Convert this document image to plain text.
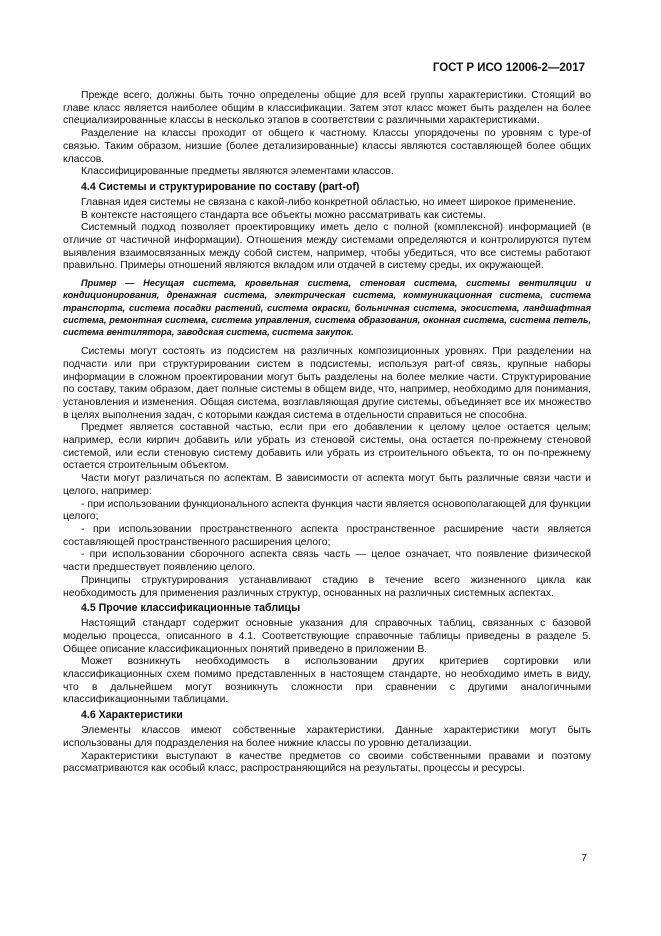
ГОСТ Р ИСО 12006-2—2017

Прежде всего, должны быть точно определены общие для всей группы характеристики. Стоящий во главе класс является наиболее общим в классификации. Затем этот класс может быть разделен на более специализированные классы в несколько этапов в соответствии с различными характеристиками.

Разделение на классы проходит от общего к частному. Классы упорядочены по уровням с type-of связью. Таким образом, низшие (более детализированные) классы являются составляющей более общих классов.

Классифицированные предметы являются элементами классов.

4.4 Системы и структурирование по составу (part-of)

Главная идея системы не связана с какой-либо конкретной областью, но имеет широкое применение.

В контексте настоящего стандарта все объекты можно рассматривать как системы.

Системный подход позволяет проектировщику иметь дело с полной (комплексной) информацией (в отличие от частичной информации). Отношения между системами определяются и контролируются путем выявления взаимосвязанных между собой систем, например, чтобы убедиться, что все системы работают правильно. Примеры отношений являются вкладом или отдачей в систему среды, их окружающей.

Пример — Несущая система, кровельная система, стеновая система, системы вентиляции и кондиционирования, дренажная система, электрическая система, коммуникационная система, система транспорта, система посадки растений, система окраски, больничная система, экосистема, ландшафтная система, ремонтная система, система управления, система образования, оконная система, система петель, система вентилятора, заводская система, система закупок.

Системы могут состоять из подсистем на различных композиционных уровнях. При разделении на подчасти или при структурировании систем в подсистемы, используя part-of связь, крупные наборы информации в сложном проектировании могут быть разделены на более мелкие части. Структурирование по составу, таким образом, дает полные системы в общем виде, что, например, необходимо для понимания, установления и изменения. Общая система, возглавляющая другие системы, объединяет все их множество в целях выполнения задач, с которыми каждая система в отдельности справиться не способна.

Предмет является составной частью, если при его добавлении к целому целое остается целым; например, если кирпич добавить или убрать из стеновой системы, она остается по-прежнему стеновой системой, или если стеновую систему добавить или убрать из строительного объекта, то он по-прежнему остается строительным объектом.

Части могут различаться по аспектам. В зависимости от аспекта могут быть различные связи части и целого, например:

- при использовании функционального аспекта функция части является основополагающей для функции целого;

- при использовании пространственного аспекта пространственное расширение части является составляющей пространственного расширения целого;

- при использовании сборочного аспекта связь часть — целое означает, что появление физической части предшествует появлению целого.

Принципы структурирования устанавливают стадию в течение всего жизненного цикла как необходимость для применения различных структур, основанных на различных системных аспектах.

4.5 Прочие классификационные таблицы

Настоящий стандарт содержит основные указания для справочных таблиц, связанных с базовой моделью процесса, описанного в 4.1. Соответствующие справочные таблицы приведены в разделе 5. Общее описание классификационных понятий приведено в приложении В.

Может возникнуть необходимость в использовании других критериев сортировки или классификационных схем помимо представленных в настоящем стандарте, но необходимо иметь в виду, что в дальнейшем могут возникнуть сложности при сравнении с другими аналогичными классификационными таблицами.

4.6 Характеристики

Элементы классов имеют собственные характеристики. Данные характеристики могут быть использованы для подразделения на более нижние классы по уровню детализации.

Характеристики выступают в качестве предметов со своими собственными правами и поэтому рассматриваются как особый класс, распространяющийся на результаты, процессы и ресурсы.

7
